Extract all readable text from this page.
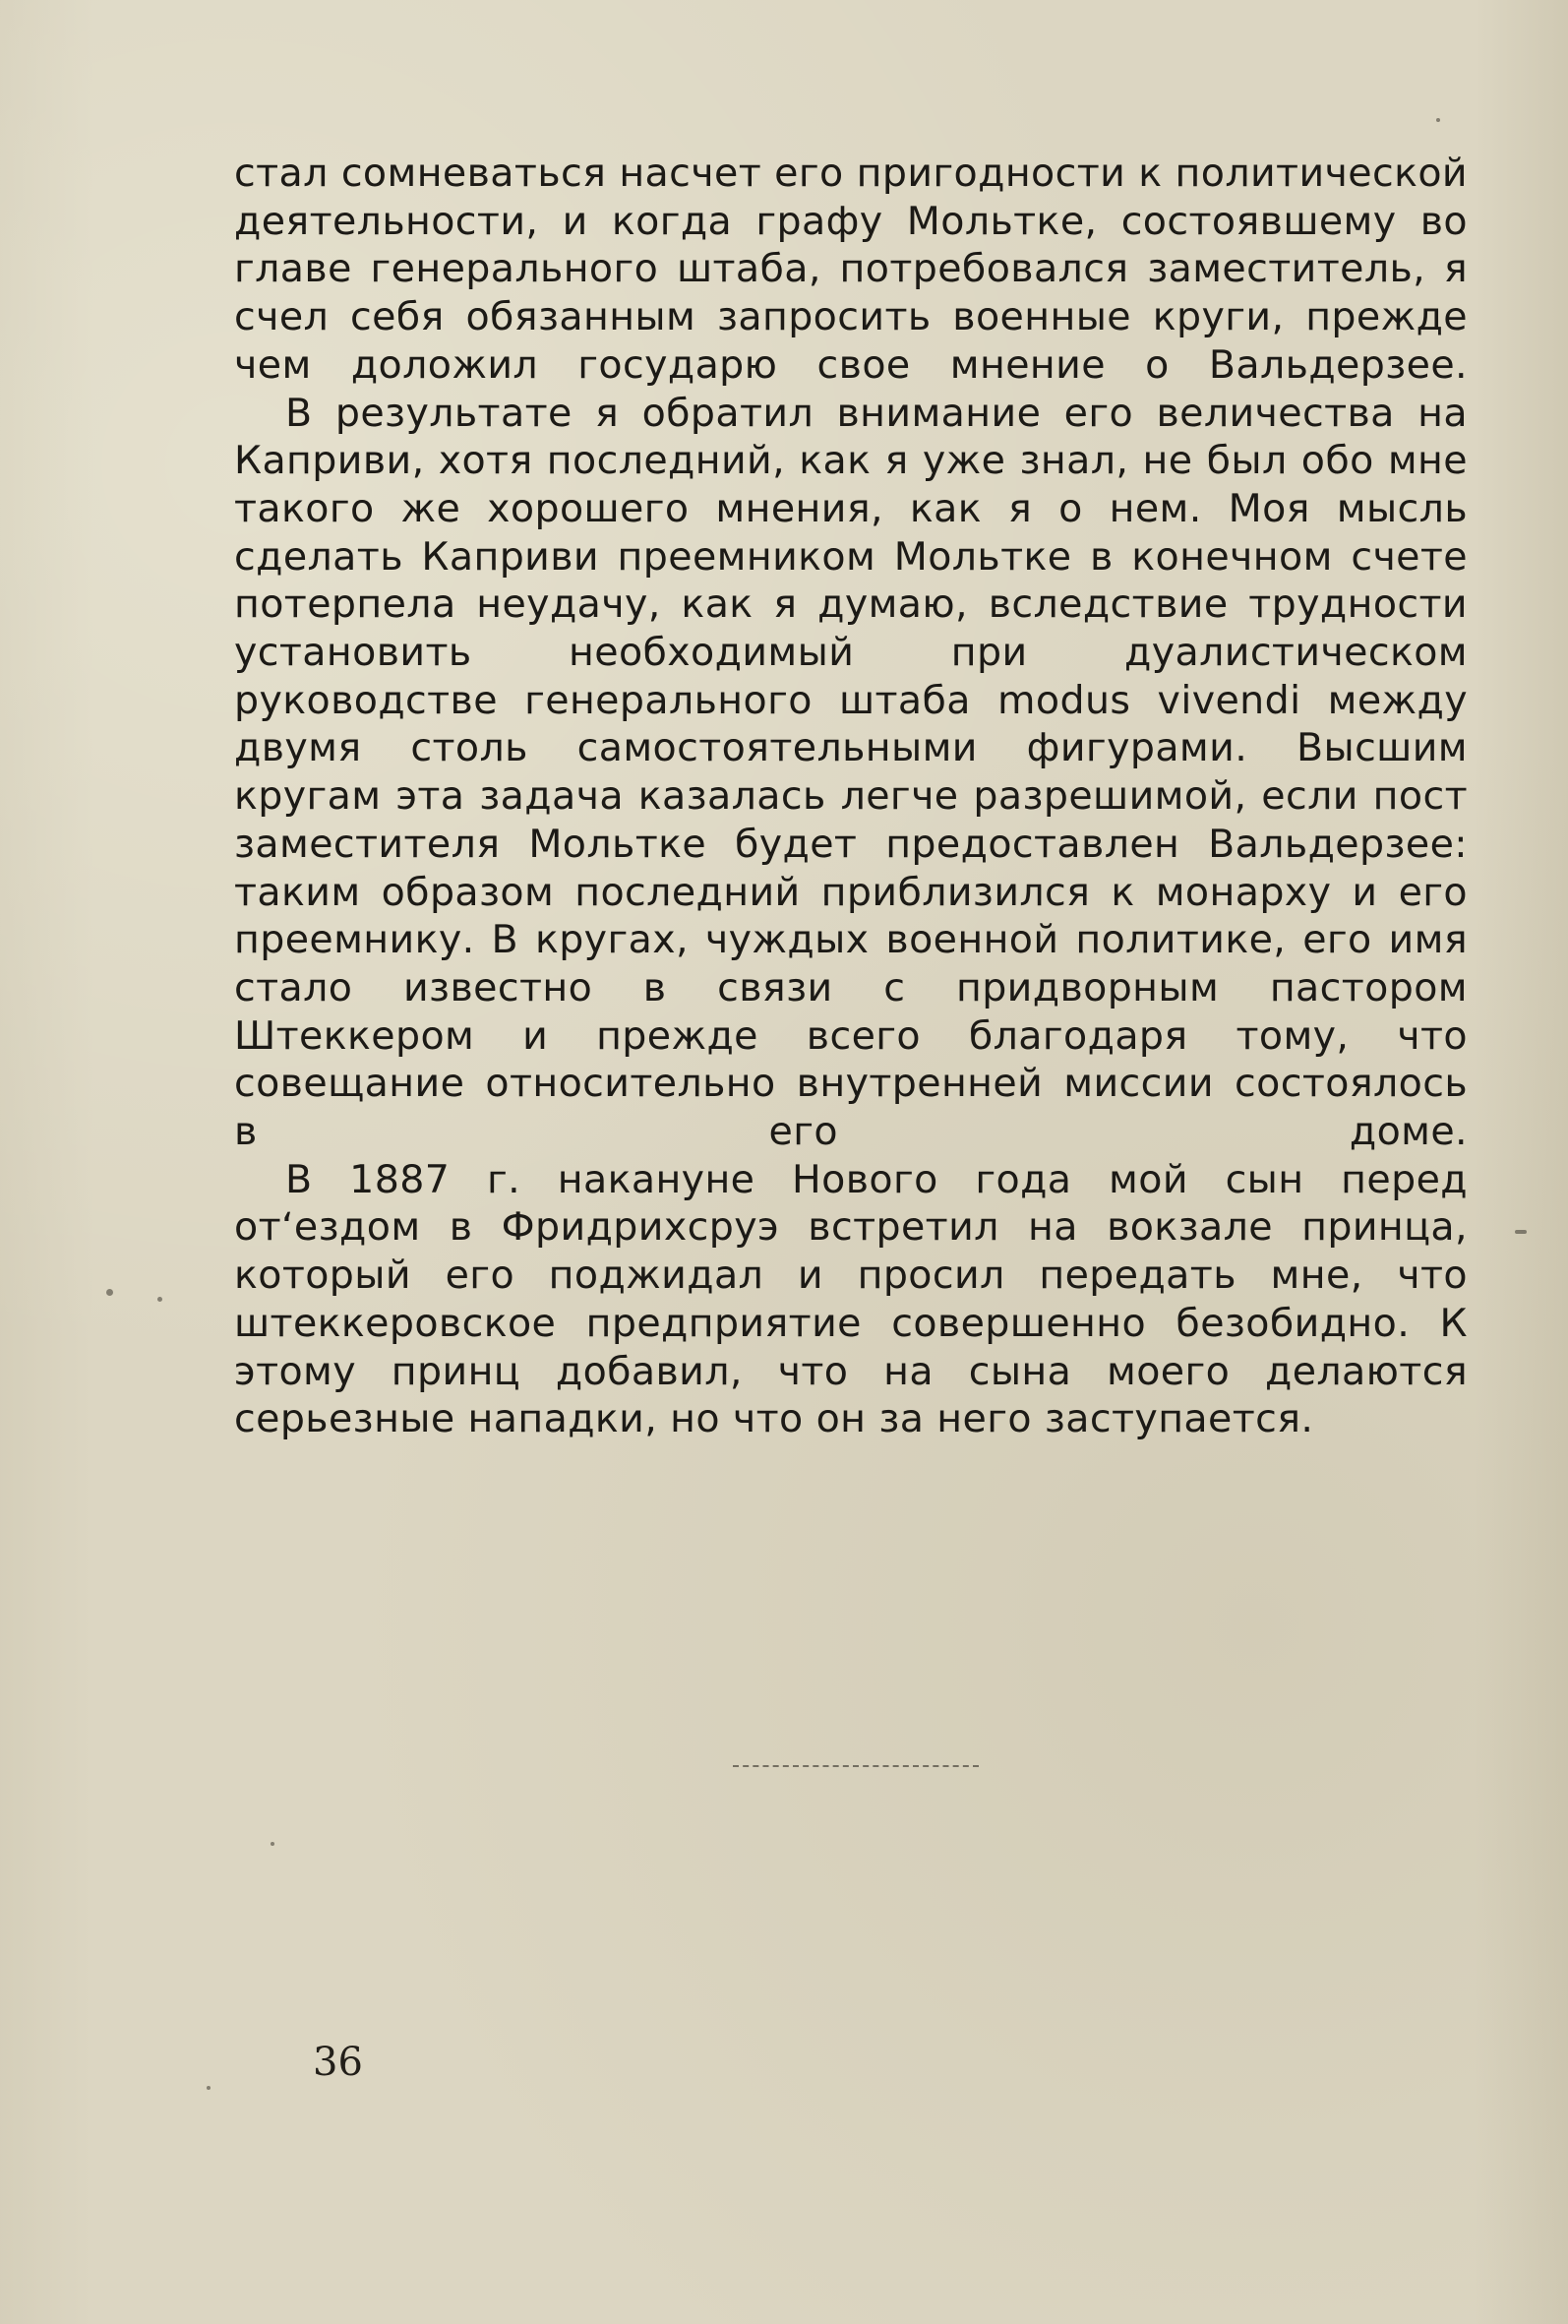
стал сомневаться насчет его пригодности к политической деятельности, и когда графу Мольтке, состоявшему во главе генерального штаба, потребовался заместитель, я счел себя обязанным запросить военные круги, прежде чем доложил государю свое мнение о Вальдерзее.

В результате я обратил внимание его величества на Каприви, хотя последний, как я уже знал, не был обо мне такого же хорошего мнения, как я о нем. Моя мысль сделать Каприви преемником Мольтке в конечном счете потерпела неудачу, как я думаю, вследствие трудности установить необходимый при дуалистическом руководстве генерального штаба modus vivendi между двумя столь самостоятельными фигурами. Высшим кругам эта задача казалась легче разрешимой, если пост заместителя Мольтке будет предоставлен Вальдерзее: таким образом последний приблизился к монарху и его преемнику. В кругах, чуждых военной политике, его имя стало известно в связи с придворным пастором Штеккером и прежде всего благодаря тому, что совещание относительно внутренней миссии состоялось в его доме.

В 1887 г. накануне Нового года мой сын перед от‘ездом в Фридрихсруэ встретил на вокзале принца, который его поджидал и просил передать мне, что штеккеровское предприятие совершенно безобидно. К этому принц добавил, что на сына моего делаются серьезные нападки, но что он за него заступается.

36
